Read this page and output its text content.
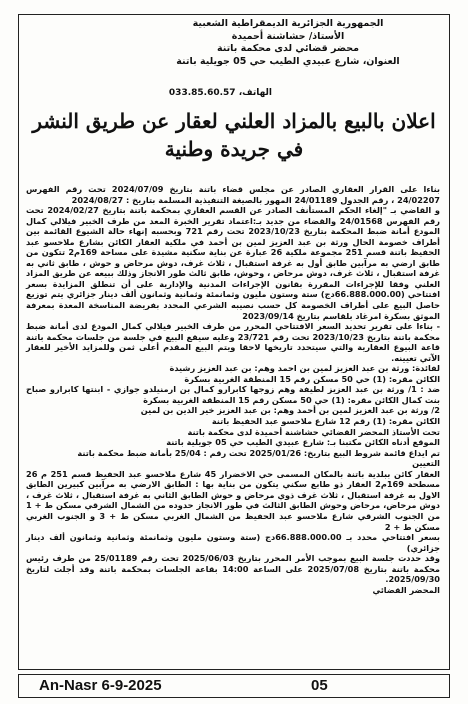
الجمهورية الجزائرية الديمقراطية الشعبية
الأستاذ/ حشاشنة أحميدة
محضر قضائي لدى محكمة باتنة
العنوان، شارع عبيدي الطيب حي 05 جويلية باتنة
الهاتف، 033.85.60.57
اعلان بالبيع بالمزاد العلني لعقار عن طريق النشر في جريدة وطنية

بناءا على القرار العقاري الصادر عن مجلس قضاء باتنة بتاريخ 2024/07/09 تحت رقم الفهرس 24/02207 ، رقم الجدول 24/01189 المهور بالصيغة التنفيذية المسلمة بتاريخ : 2024/08/27

و القاضي بـ "إلغاء الحكم المستأنف الصادر عن القسم العقاري بمحكمة باتنة بتاريخ 2024/02/27 تحت رقم الفهرس 24/01568 والقضاء من جديد بـ:اعتماد تقرير الخبرة المعد من طرف الخبير فيلالي كمال المودع أمانة ضبط المحكمة بتاريخ 2023/10/23 تحت رقم 721 وبحسبه إنهاء حالة الشيوع القائمة بين أطراف خصومة الحال ورثة بن عبد العزيز لمين بن أحمد في ملكية العقار الكائن بشارع ملاحسو عبد الحفيظ باتنة قسم 251 مجموعة ملكية 26 عبارة عن بناية سكنية مشيدة على مساحة 169م2 تتكون من طابق ارضي به مرآبين طابق أول به غرفة استقبال ، ثلاث غرف، دوش مرحاض و حوش ، طابق ثاني به غرفة استقبال ، ثلاث غرف، دوش مرحاض ، وحوش، طابق ثالث طور الانجاز وذلك ببيعه عن طريق المزاد العلني وفقا للإجراءات المقررة بقانون الإجراءات المدنية والإدارية على أن تنطلق المزايدة بسعر افتتاحي (66.888.000.00دج) ستة وستون مليون وثمانمئة وثمانية وثمانون ألف دينار جزائري يتم توزيع حاصل البيع على أطراف الخصومة كل حسب نصيبه الشرعي المحدد بفريضة المناسخة المعدة بمعرفة الموثق بسكرة امرغاد بلقاسم بتاريخ 2023/09/14

- بناءا على تقرير تحديد السعر الافتتاحي المحرر من طرف الخبير فيلالي كمال المودع لدى أمانة ضبط محكمة باتنة بتاريخ 2023/10/23 تحت رقم 23/721 وعليه سيقع البيع في جلسة من جلسات محكمة باتنة قاعة البيوع العقارية والتي سيتحدد تاريخها لاحقا ويتم البيع المقدم أعلى ثمن وللمزايد الأخير للعقار الآتي تعيينه.

لفائدة: ورثة بن عبد العزيز لمين بن احمد وهم: بن عبد العزيز رشيدة

الكائن مقره: (1) حي 50 مسكن رقم 15 المنطقة الغربية بسكرة

ضد : 1/ ورثة بن عبد العزيز لطيفة وهم زوجها كابرارو كمال بن ارمنيلدو جوازي - ابنتها كابرارو صباح بنت كمال الكائن مقره: (1) حي 50 مسكن رقم 15 المنطقة الغربية بسكرة

2/ ورثة بن عبد العزيز لمين بن أحمد وهم: بن عبد العزيز خير الدين بن لمين

الكائن مقره: (1) رقم 12 شارع ملاحسو عبد الحفيظ باتنة

تحت الأستاذ المحضر القضائي حشاشنة أحميدة لدى محكمة باتنة

الموقع أدناه الكائن مكتبنا بـ: شارع عبيدي الطيب حي 05 جويلية باتنة

تم ايداع قائمة شروط البيع بتاريخ: 2025/01/26 تحت رقم : 25/04 بأمانة ضبط محكمة باتنة

التعيين

العقار كائن ببلدية باتنة بالمكان المسمى حي الاخضرار 45 شارع ملاحسو عبد الحفيظ قسم 251 م 26 مسطحة 169م2 العقار ذو طابع سكني يتكون من بناية بها : الطابق الارضي به مرآبين كبيرين الطابق الاول به غرفة استقبال ، ثلاث غرف ذوي مرحاض و حوش الطابق الثاني به غرفة استقبال ، ثلاث غرف ، دوش مرحاض، مرحاض وحوش الطابق الثالث في طور الانجاز حدوده من الشمال الشرقي مسكن ط + 1 من الجنوب الشرقي شارع ملاحسو عبد الحفيظ من الشمال الغربي مسكن ط + 3 و الجنوب الغربي مسكن ط + 2

بسعر افتتاحي محدد بـ 66.888.000.00دج (ستة وستون مليون وثمانمئة وثمانية وثمانون ألف دينار جزائري)

وقد حددت جلسة البيع بموجب الأمر المحرر بتاريخ 2025/06/03 تحت رقم 25/01189 من طرف رئيس محكمة باتنة بتاريخ 2025/07/08 على الساعة 14:00 بقاعة الجلسات بمحكمة باتنة وقد أجلت لتاريخ 2025/09/30.

المحضر القضائي

An-Nasr 6-9-2025	05
